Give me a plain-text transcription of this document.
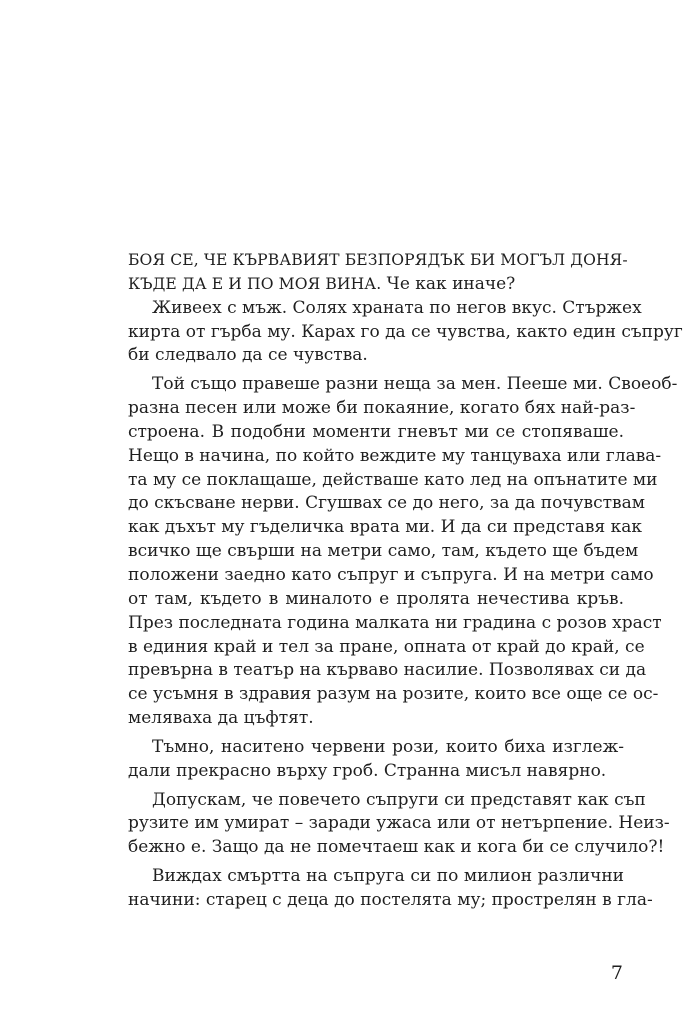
БОЯ СЕ, ЧЕ КЪРВАВИЯТ БЕЗПОРЯДЪК БИ МОГЪЛ ДОНЯ-
КЪДЕ ДА Е И ПО МОЯ ВИНА. Че как иначе?
Живеех с мъж. Солях храната по негов вкус. Стържех
кирта от гърба му. Карах го да се чувства, както един съпруг
би следвало да се чувства.
Той също правеше разни неща за мен. Пееше ми. Своеоб-
разна песен или може би покаяние, когато бях най-раз-
строена. В подобни моменти гневът ми се стопяваше.
Нещо в начина, по който веждите му танцуваха или глава-
та му се поклащаше, действаше като лед на опънатите ми
до скъсване нерви. Сгушвах се до него, за да почувствам
как дъхът му гъделичка врата ми. И да си представя как
всичко ще свърши на метри само, там, където ще бъдем
положени заедно като съпруг и съпруга. И на метри само
от там, където в миналото е пролята нечестива кръв.
През последната година малката ни градина с розов храст
в единия край и тел за пране, опната от край до край, се
превърна в театър на кърваво насилие. Позволявах си да
се усъмня в здравия разум на розите, които все още се ос-
меляваха да цъфтят.
Тъмно, наситено червени рози, които биха изглеж-
дали прекрасно върху гроб. Странна мисъл навярно.
Допускам, че повечето съпруги си представят как съп
рузите им умират – заради ужаса или от нетърпение. Неиз-
бежно е. Защо да не помечтаеш как и кога би се случило?!
Виждах смъртта на съпруга си по милион различни
начини: старец с деца до постелята му; прострелян в гла-
7
